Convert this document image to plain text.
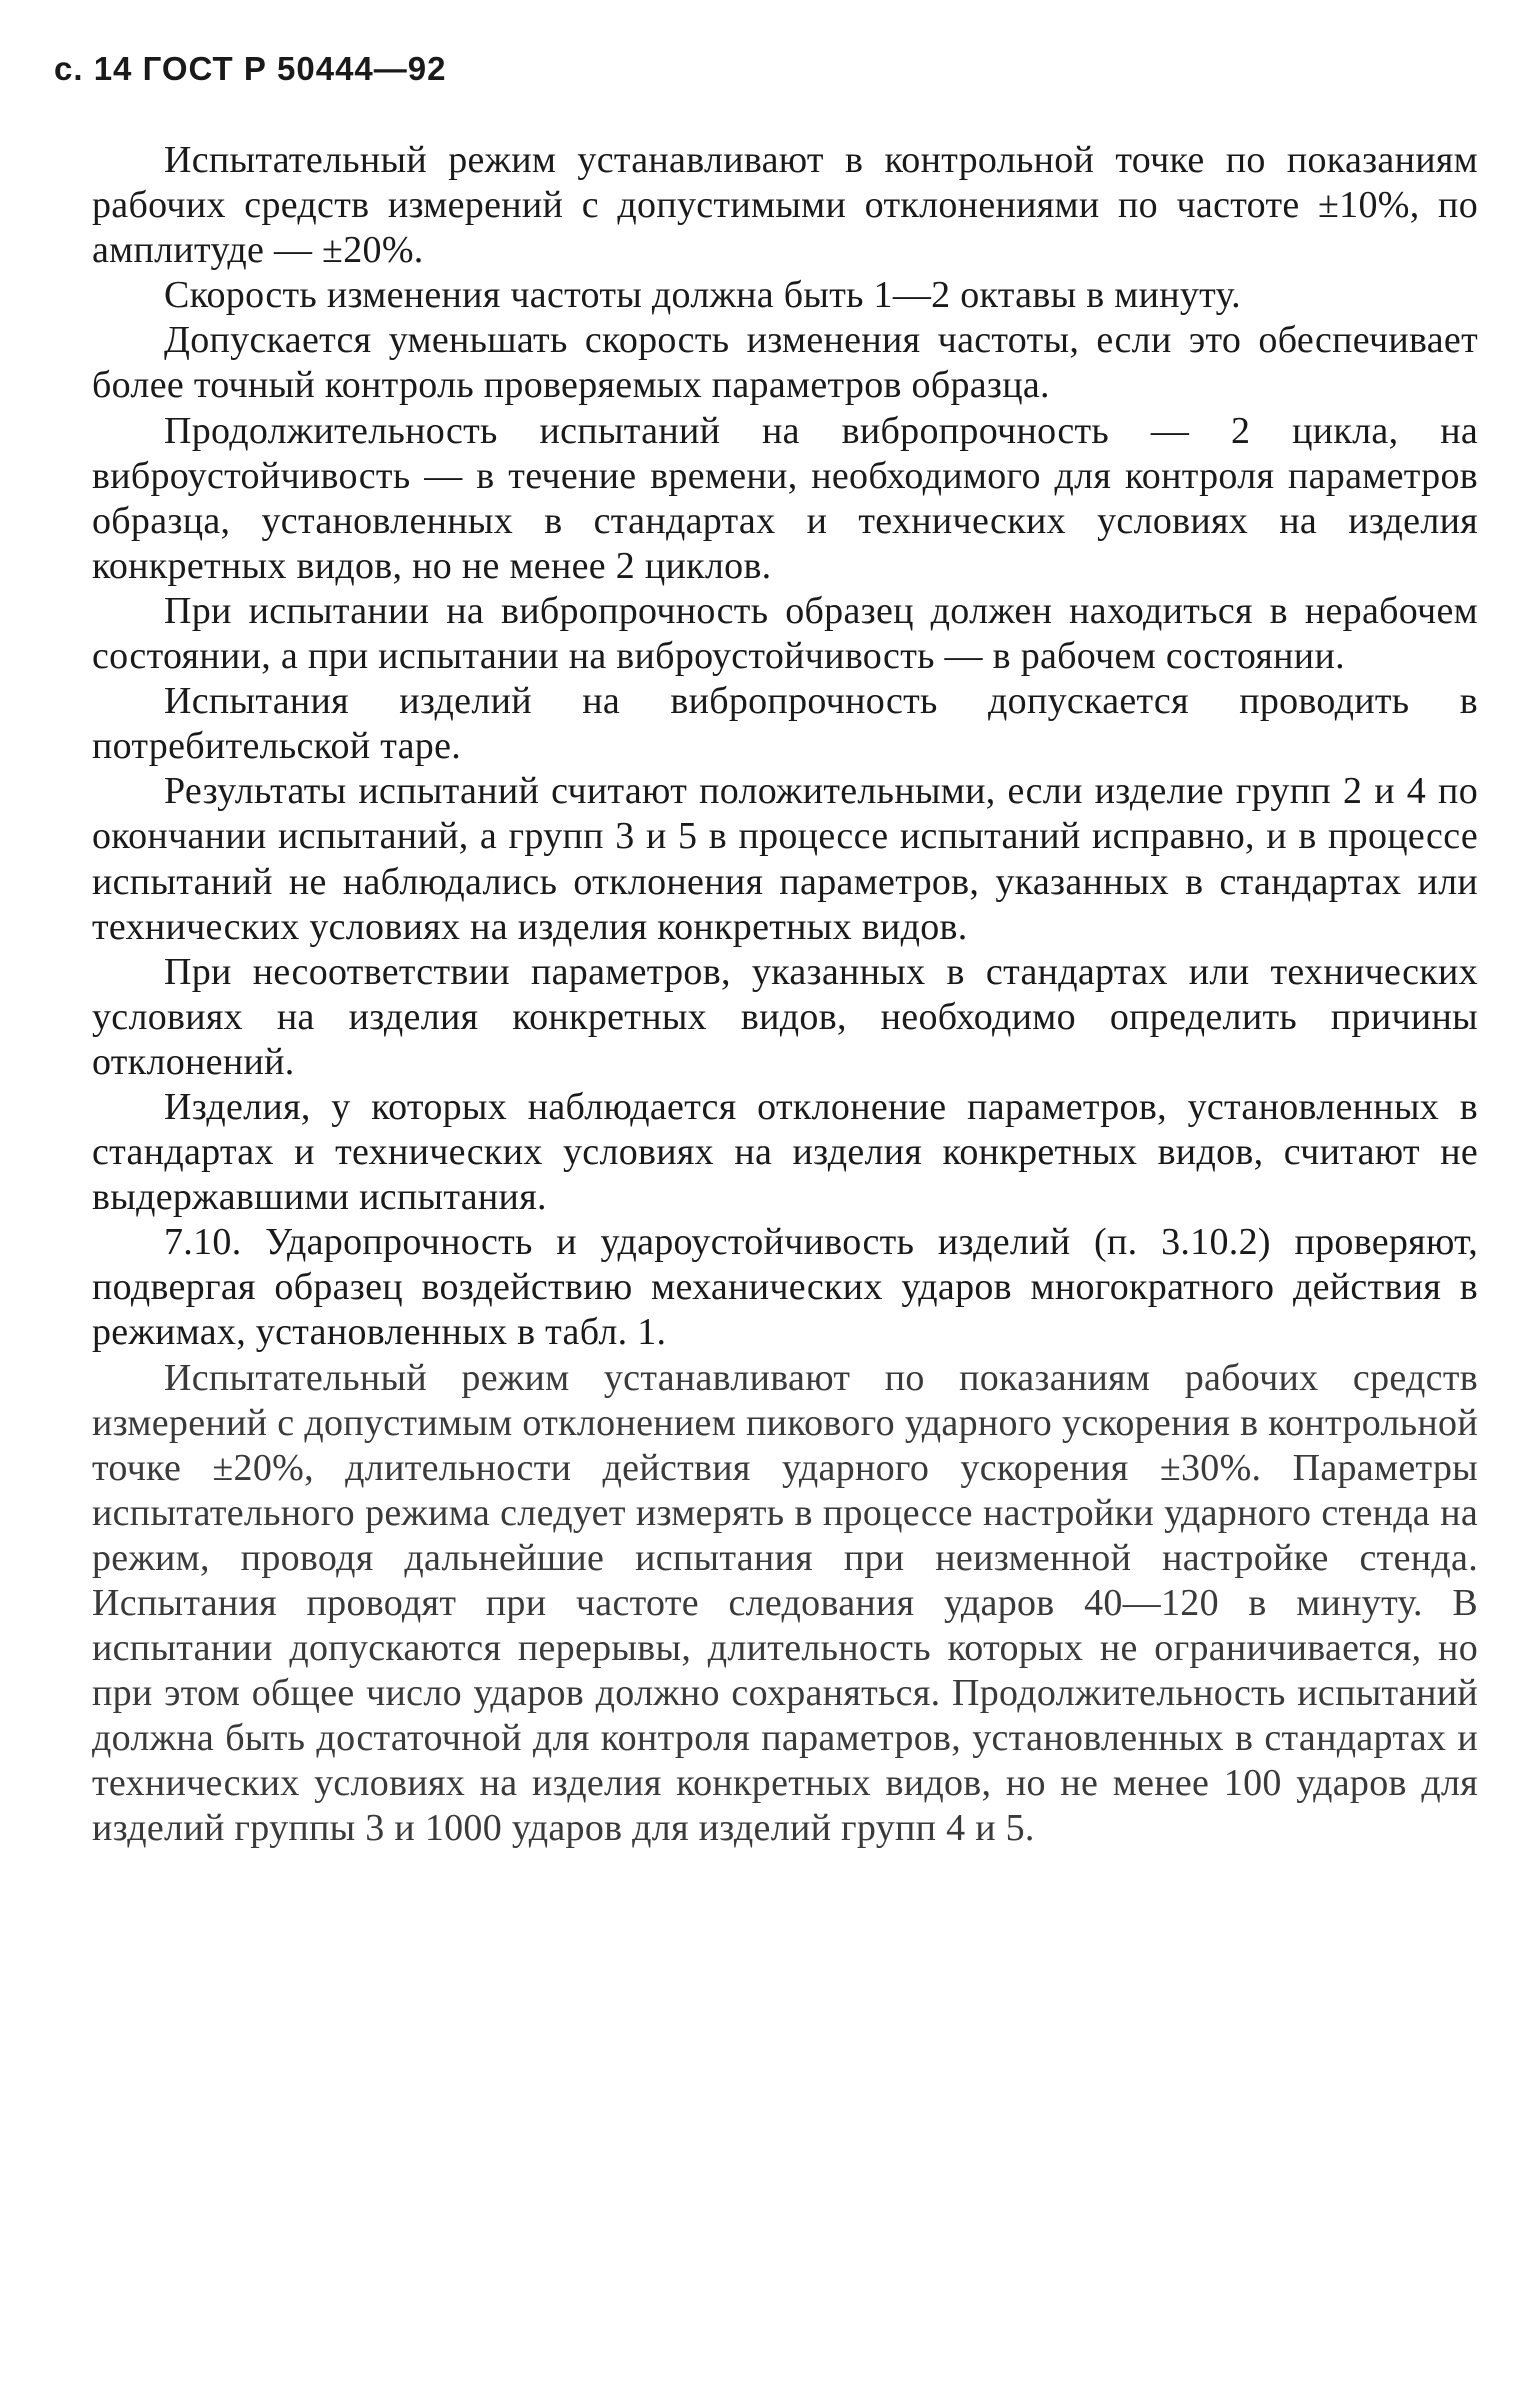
с. 14 ГОСТ Р 50444—92

Испытательный режим устанавливают в контрольной точке по показаниям рабочих средств измерений с допустимыми отклонениями по частоте ±10%, по амплитуде — ±20%.

Скорость изменения частоты должна быть 1—2 октавы в минуту.

Допускается уменьшать скорость изменения частоты, если это обеспечивает более точный контроль проверяемых параметров образца.

Продолжительность испытаний на вибропрочность — 2 цикла, на виброустойчивость — в течение времени, необходимого для контроля параметров образца, установленных в стандартах и технических условиях на изделия конкретных видов, но не менее 2 циклов.

При испытании на вибропрочность образец должен находиться в нерабочем состоянии, а при испытании на виброустойчивость — в рабочем состоянии.

Испытания изделий на вибропрочность допускается проводить в потребительской таре.

Результаты испытаний считают положительными, если изделие групп 2 и 4 по окончании испытаний, а групп 3 и 5 в процессе испытаний исправно, и в процессе испытаний не наблюдались отклонения параметров, указанных в стандартах или технических условиях на изделия конкретных видов.

При несоответствии параметров, указанных в стандартах или технических условиях на изделия конкретных видов, необходимо определить причины отклонений.

Изделия, у которых наблюдается отклонение параметров, установленных в стандартах и технических условиях на изделия конкретных видов, считают не выдержавшими испытания.

7.10. Ударопрочность и удароустойчивость изделий (п. 3.10.2) проверяют, подвергая образец воздействию механических ударов многократного действия в режимах, установленных в табл. 1.

Испытательный режим устанавливают по показаниям рабочих средств измерений с допустимым отклонением пикового ударного ускорения в контрольной точке ±20%, длительности действия ударного ускорения ±30%. Параметры испытательного режима следует измерять в процессе настройки ударного стенда на режим, проводя дальнейшие испытания при неизменной настройке стенда. Испытания проводят при частоте следования ударов 40—120 в минуту. В испытании допускаются перерывы, длительность которых не ограничивается, но при этом общее число ударов должно сохраняться. Продолжительность испытаний должна быть достаточной для контроля параметров, установленных в стандартах и технических условиях на изделия конкретных видов, но не менее 100 ударов для изделий группы 3 и 1000 ударов для изделий групп 4 и 5.
